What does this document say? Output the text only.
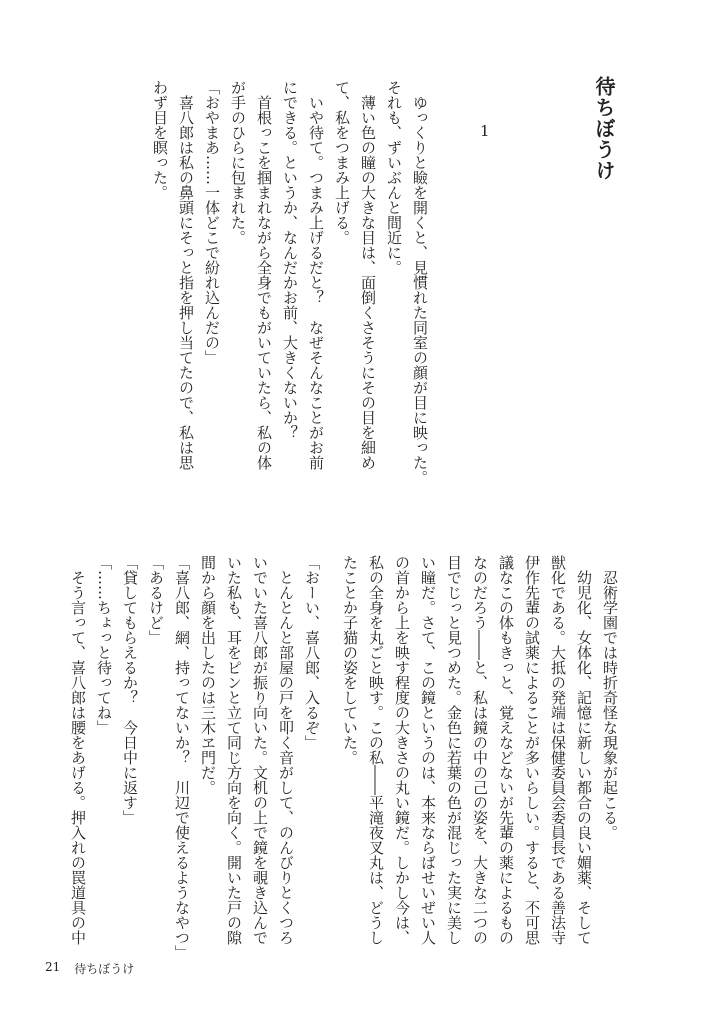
待ちぼうけ
1
　ゆっくりと瞼を開くと、見慣れた同室の顔が目に映った。
それも、ずいぶんと間近に。
　薄い色の瞳の大きな目は、面倒くさそうにその目を細め
て、私をつまみ上げる。
　いや待て。つまみ上げるだと？　なぜそんなことがお前
にできる。というか、なんだかお前、大きくないか？
　首根っこを掴まれながら全身でもがいていたら、私の体
が手のひらに包まれた。
「おやまあ……一体どこで紛れ込んだの」
　喜八郎は私の鼻頭にそっと指を押し当てたので、私は思
わず目を瞑った。
　忍術学園では時折奇怪な現象が起こる。
　幼児化、女体化、記憶に新しい都合の良い媚薬、そして
獣化である。大抵の発端は保健委員会委員長である善法寺
伊作先輩の試薬によることが多いらしい。すると、不可思
議なこの体もきっと、覚えなどないが先輩の薬によるもの
なのだろう――と、私は鏡の中の己の姿を、大きな二つの
目でじっと見つめた。金色に若葉の色が混じった実に美し
い瞳だ。さて、この鏡というのは、本来ならばせいぜい人
の首から上を映す程度の大きさの丸い鏡だ。しかし今は、
私の全身を丸ごと映す。この私――平滝夜叉丸は、どうし
たことか子猫の姿をしていた。
「おーい、喜八郎、入るぞ」
　とんとんと部屋の戸を叩く音がして、のんびりとくつろ
いでいた喜八郎が振り向いた。文机の上で鏡を覗き込んで
いた私も、耳をピンと立て同じ方向を向く。開いた戸の隙
間から顔を出したのは三木ヱ門だ。
「喜八郎、網、持ってないか？　川辺で使えるようなやつ」
「あるけど」
「貸してもらえるか？　今日中に返す」
「……ちょっと待ってね」
　そう言って、喜八郎は腰をあげる。押入れの罠道具の中
21 待ちぼうけ
